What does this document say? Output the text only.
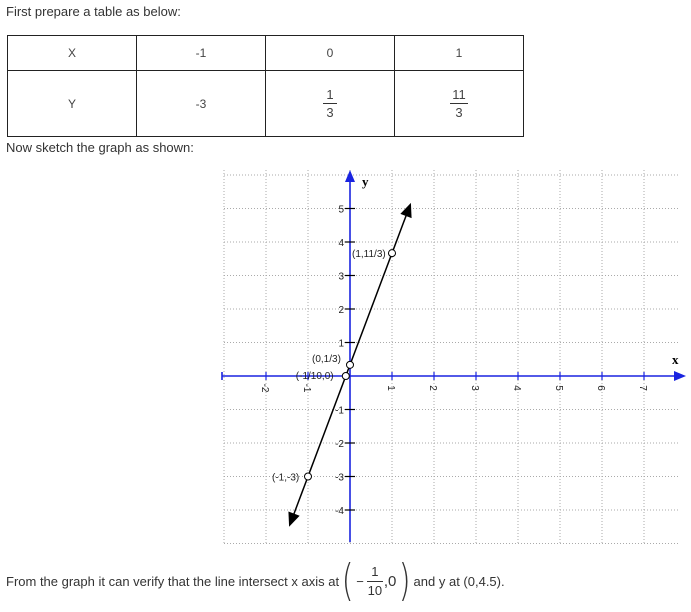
First prepare a table as below:
X	-1	0	1
Y	-3	$\frac{1}{3}$	$\frac{11}{3}$
Now sketch the graph as shown:
x
y
-2	-1	1	2	3	4	5	6	7
5
4
3
2
1
-1
-2
-3
-4
(-1,-3)
(0,1/3)
(-1/10,0)
(1,11/3)
From the graph it can verify that the line intersect x axis at ( − $\frac{1}{10} ,0$ ) and y at (0,4.5).
